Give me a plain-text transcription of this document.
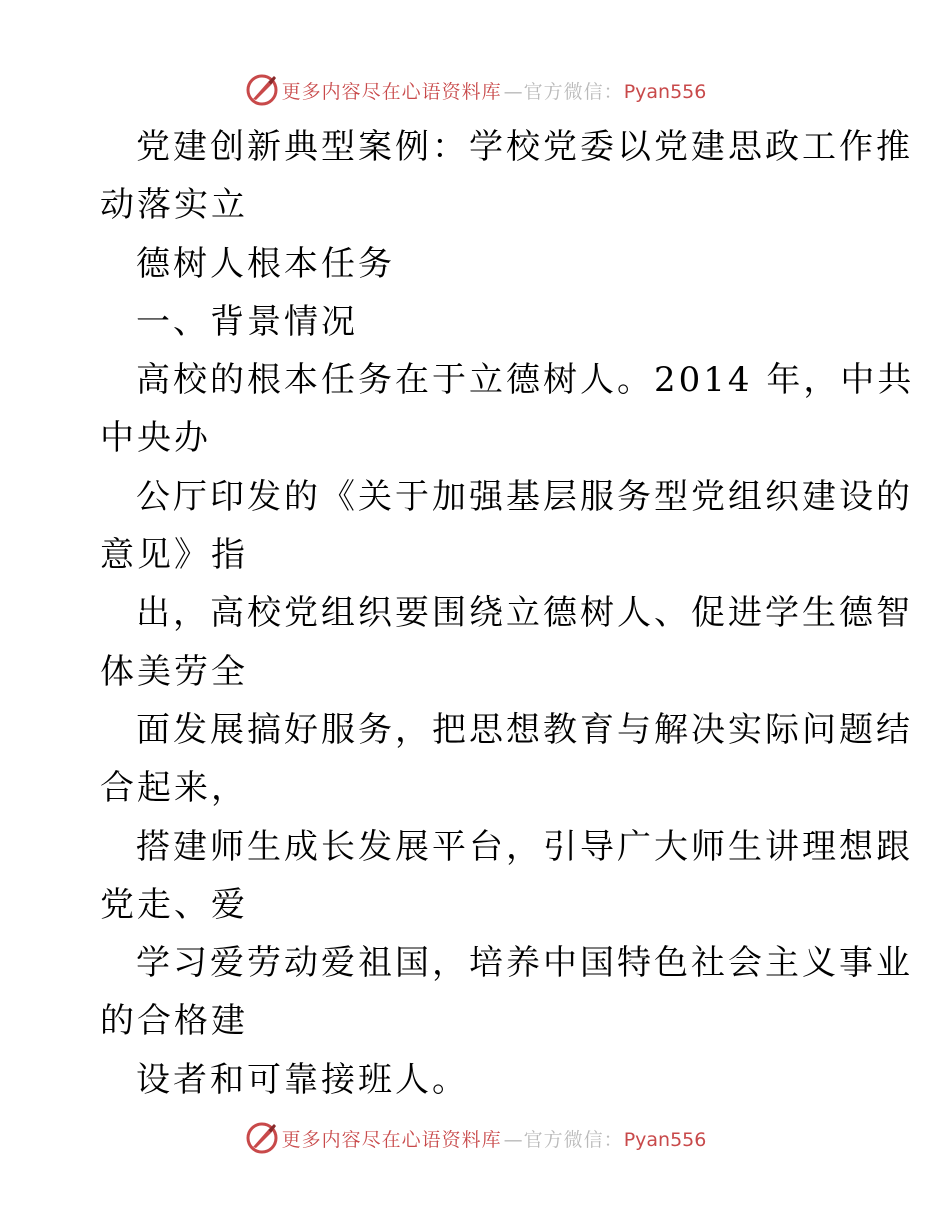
更多内容尽在心语资料库 —官方微信：Pyan556
党建创新典型案例：学校党委以党建思政工作推
动落实立
德树人根本任务
一、背景情况
高校的根本任务在于立德树人。2014 年，中共
中央办
公厅印发的《关于加强基层服务型党组织建设的
意见》指
出，高校党组织要围绕立德树人、促进学生德智
体美劳全
面发展搞好服务，把思想教育与解决实际问题结
合起来，
搭建师生成长发展平台，引导广大师生讲理想跟
党走、爱
学习爱劳动爱祖国，培养中国特色社会主义事业
的合格建
设者和可靠接班人。
更多内容尽在心语资料库 —官方微信：Pyan556
